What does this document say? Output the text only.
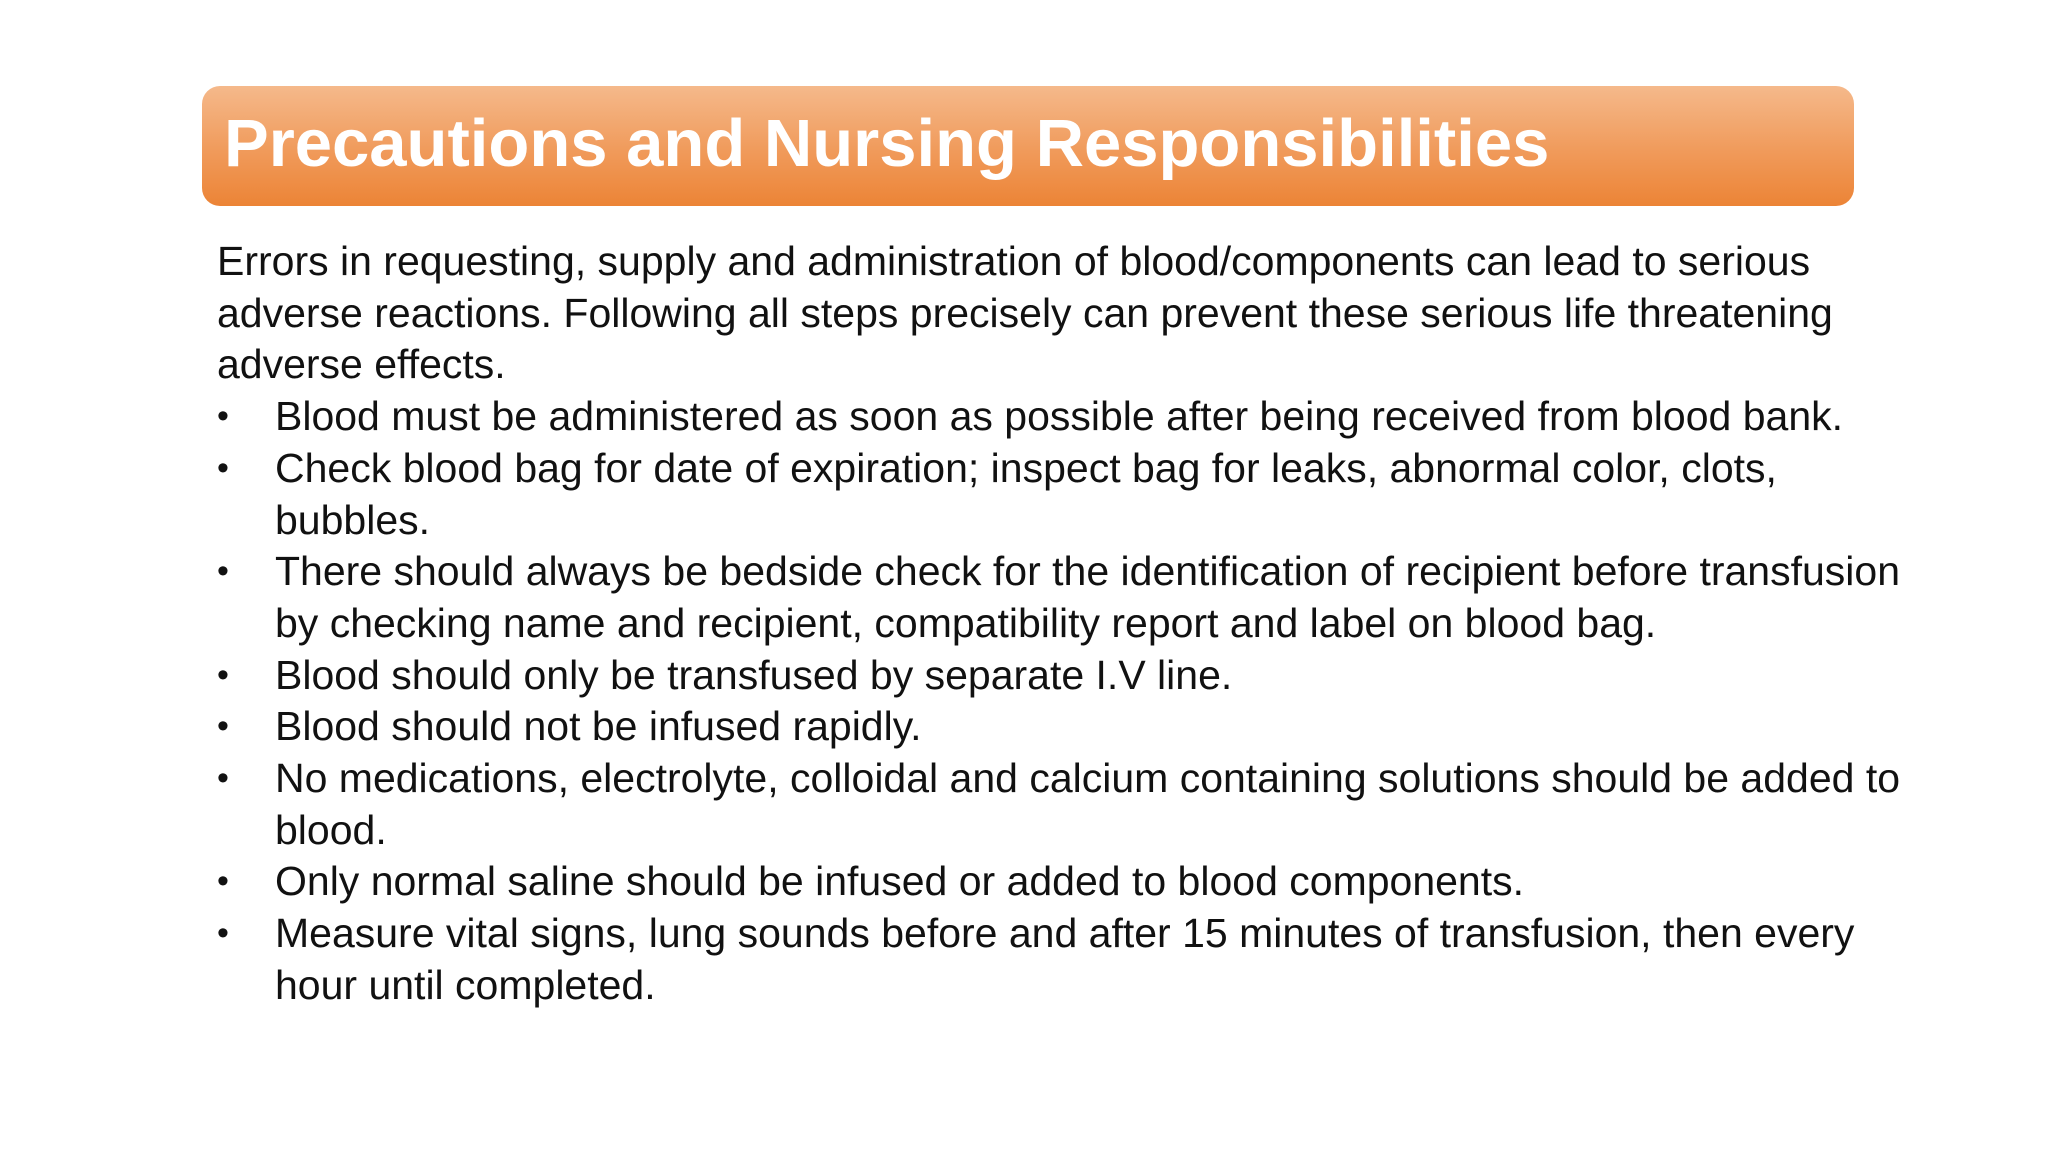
Precautions and Nursing Responsibilities

Errors in requesting, supply and administration of blood/components can lead to serious adverse reactions. Following all steps precisely can prevent these serious life threatening adverse effects.

• Blood must be administered as soon as possible after being received from blood bank.
• Check blood bag for date of expiration; inspect bag for leaks, abnormal color, clots, bubbles.
• There should always be bedside check for the identification of recipient before transfusion by checking name and recipient, compatibility report and label on blood bag.
• Blood should only be transfused by separate I.V line.
• Blood should not be infused rapidly.
• No medications, electrolyte, colloidal and calcium containing solutions should be added to blood.
• Only normal saline should be infused or added to blood components.
• Measure vital signs, lung sounds before and after 15 minutes of transfusion, then every hour until completed.
